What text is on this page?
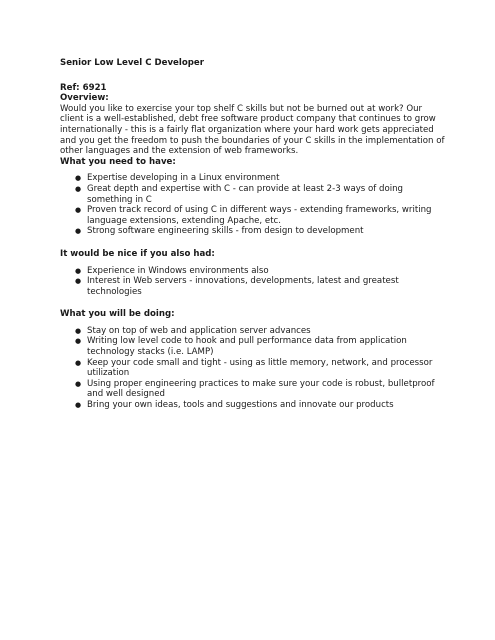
Senior Low Level C Developer
Ref: 6921
Overview:
Would you like to exercise your top shelf C skills but not be burned out at work? Our client is a well-established, debt free software product company that continues to grow internationally - this is a fairly flat organization where your hard work gets appreciated and you get the freedom to push the boundaries of your C skills in the implementation of other languages and the extension of web frameworks.
What you need to have:
● Expertise developing in a Linux environment
● Great depth and expertise with C - can provide at least 2-3 ways of doing something in C
● Proven track record of using C in different ways - extending frameworks, writing language extensions, extending Apache, etc.
● Strong software engineering skills - from design to development
It would be nice if you also had:
● Experience in Windows environments also
● Interest in Web servers - innovations, developments, latest and greatest technologies
What you will be doing:
● Stay on top of web and application server advances
● Writing low level code to hook and pull performance data from application technology stacks (i.e. LAMP)
● Keep your code small and tight - using as little memory, network, and processor utilization
● Using proper engineering practices to make sure your code is robust, bulletproof and well designed
● Bring your own ideas, tools and suggestions and innovate our products
